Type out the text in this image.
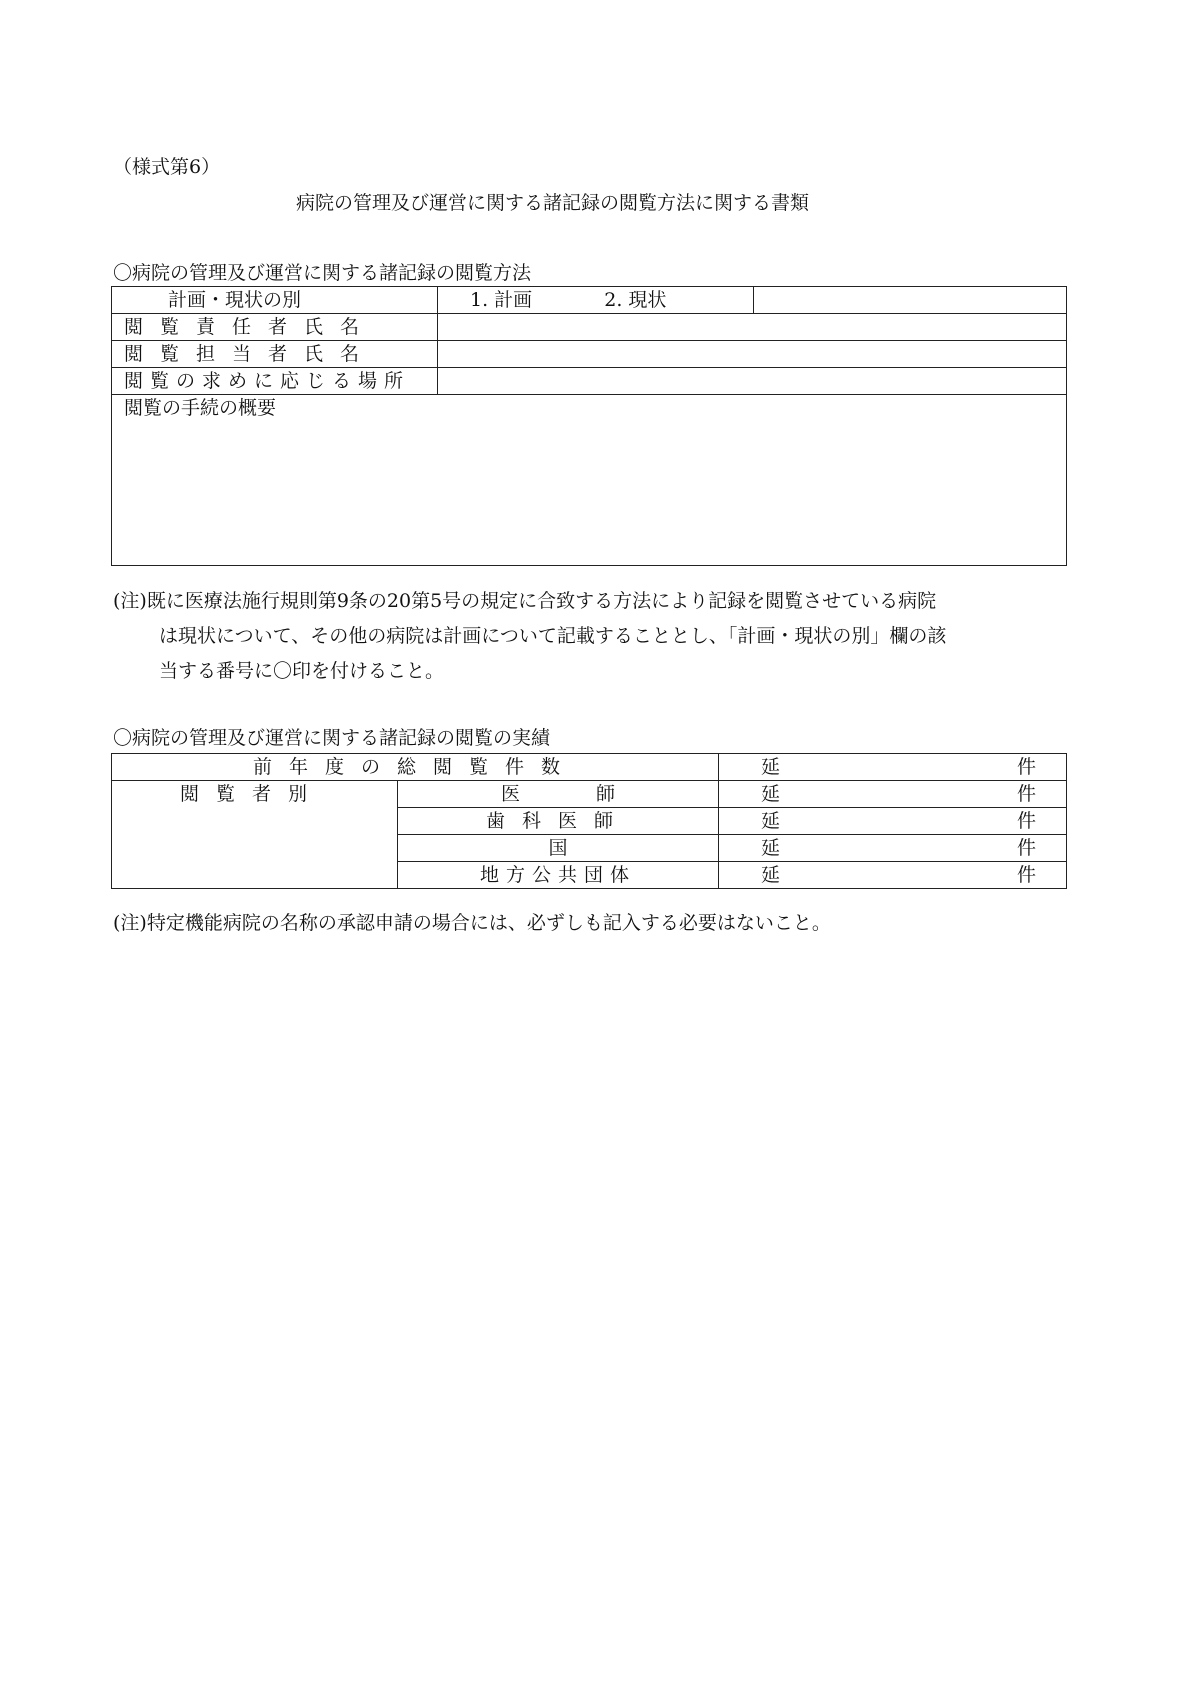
（様式第6）
病院の管理及び運営に関する諸記録の閲覧方法に関する書類
〇病院の管理及び運営に関する諸記録の閲覧方法
計画・現状の別	1. 計画 2. 現状	
閲覧責任者氏名		
閲覧担当者氏名		
閲覧の求めに応じる場所		
閲覧の手続の概要		
(注)既に医療法施行規則第9条の20第5号の規定に合致する方法により記録を閲覧させている病院
は現状について、その他の病院は計画について記載することとし、「計画・現状の別」欄の該
当する番号に〇印を付けること。
〇病院の管理及び運営に関する諸記録の閲覧の実績
前年度の総閲覧件数		延 件

閲覧者別	医　　　　師	延 件

	歯科医師	延 件

	国	延 件

	地方公共団体	延 件
(注)特定機能病院の名称の承認申請の場合には、必ずしも記入する必要はないこと。
